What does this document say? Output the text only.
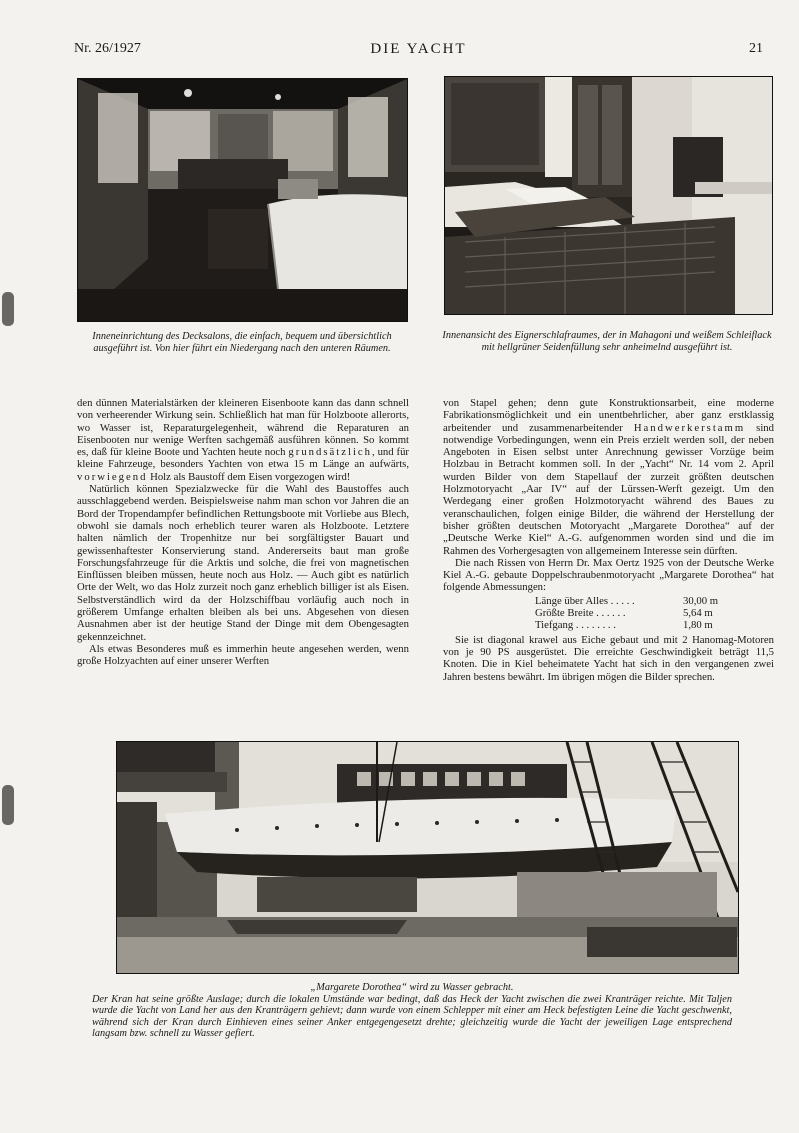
Nr. 26/1927	DIE YACHT	21
Inneneinrichtung des Decksalons, die einfach, bequem und übersichtlich ausgeführt ist. Von hier führt ein Niedergang nach den unteren Räumen.
Innenansicht des Eignerschlafraumes, der in Mahagoni und weißem Schleiflack mit hellgrüner Seidenfüllung sehr anheimelnd ausgeführt ist.

den dünnen Materialstärken der kleineren Eisenboote kann das dann schnell von verheerender Wirkung sein. Schließlich hat man für Holzboote allerorts, wo Wasser ist, Reparaturgelegenheit, während die Reparaturen an Eisenbooten nur wenige Werften sachgemäß ausführen können. So kommt es, daß für kleine Boote und Yachten heute noch grundsätzlich, und für kleine Fahrzeuge, besonders Yachten von etwa 15 m Länge an aufwärts, vorwiegend Holz als Baustoff dem Eisen vorgezogen wird!

Natürlich können Spezialzwecke für die Wahl des Baustoffes auch ausschlaggebend werden. Beispielsweise nahm man schon vor Jahren die an Bord der Tropendampfer befindlichen Rettungsboote mit Vorliebe aus Blech, obwohl sie damals noch erheblich teurer waren als Holzboote. Letztere halten nämlich der Tropenhitze nur bei sorgfältigster Bauart und gewissenhaftester Konservierung stand. Andererseits baut man große Forschungsfahrzeuge für die Arktis und solche, die frei von magnetischen Einflüssen bleiben müssen, heute noch aus Holz. — Auch gibt es natürlich Orte der Welt, wo das Holz zurzeit noch ganz erheblich billiger ist als Eisen. Selbstverständlich wird da der Holzschiffbau vorläufig auch noch in größerem Umfange erhalten bleiben als bei uns. Abgesehen von diesen Ausnahmen aber ist der heutige Stand der Dinge mit dem Obengesagten gekennzeichnet.

Als etwas Besonderes muß es immerhin heute angesehen werden, wenn große Holzyachten auf einer unserer Werften

von Stapel gehen; denn gute Konstruktionsarbeit, eine moderne Fabrikationsmöglichkeit und ein unentbehrlicher, aber ganz erstklassig arbeitender und zusammenarbeitender Handwerkerstamm sind notwendige Vorbedingungen, wenn ein Preis erzielt werden soll, der neben Angeboten in Eisen selbst unter Anrechnung gewisser Vorzüge beim Holzbau in Betracht kommen soll. In der „Yacht“ Nr. 14 vom 2. April wurden Bilder von dem Stapellauf der zurzeit größten deutschen Holzmotoryacht „Aar IV“ auf der Lürssen-Werft gezeigt. Um den Werdegang einer großen Holzmotoryacht während des Baues zu veranschaulichen, folgen einige Bilder, die während der Herstellung der bisher größten deutschen Motoryacht „Margarete Dorothea“ auf der „Deutsche Werke Kiel“ A.-G. aufgenommen worden sind und die im Rahmen des Vorhergesagten von allgemeinem Interesse sein dürften.

Die nach Rissen von Herrn Dr. Max Oertz 1925 von der Deutsche Werke Kiel A.-G. gebaute Doppelschraubenmotoryacht „Margarete Dorothea“ hat folgende Abmessungen:

Länge über Alles . . . . .	30,00 m
Größte Breite . . . . . .	5,64 m
Tiefgang . . . . . . . .	1,80 m

Sie ist diagonal krawel aus Eiche gebaut und mit 2 Hanomag-Motoren von je 90 PS ausgerüstet. Die erreichte Geschwindigkeit beträgt 11,5 Knoten. Die in Kiel beheimatete Yacht hat sich in den vergangenen zwei Jahren bestens bewährt. Im übrigen mögen die Bilder sprechen.

„Margarete Dorothea“ wird zu Wasser gebracht.
Der Kran hat seine größte Auslage; durch die lokalen Umstände war bedingt, daß das Heck der Yacht zwischen die zwei Kranträger reichte. Mit Taljen wurde die Yacht von Land her aus den Kranträgern gehievt; dann wurde von einem Schlepper mit einer am Heck befestigten Leine die Yacht geschwenkt, während sich der Kran durch Einhieven eines seiner Anker entgegengesetzt drehte; gleichzeitig wurde die Yacht der jeweiligen Lage entsprechend langsam bzw. schnell zu Wasser gefiert.
